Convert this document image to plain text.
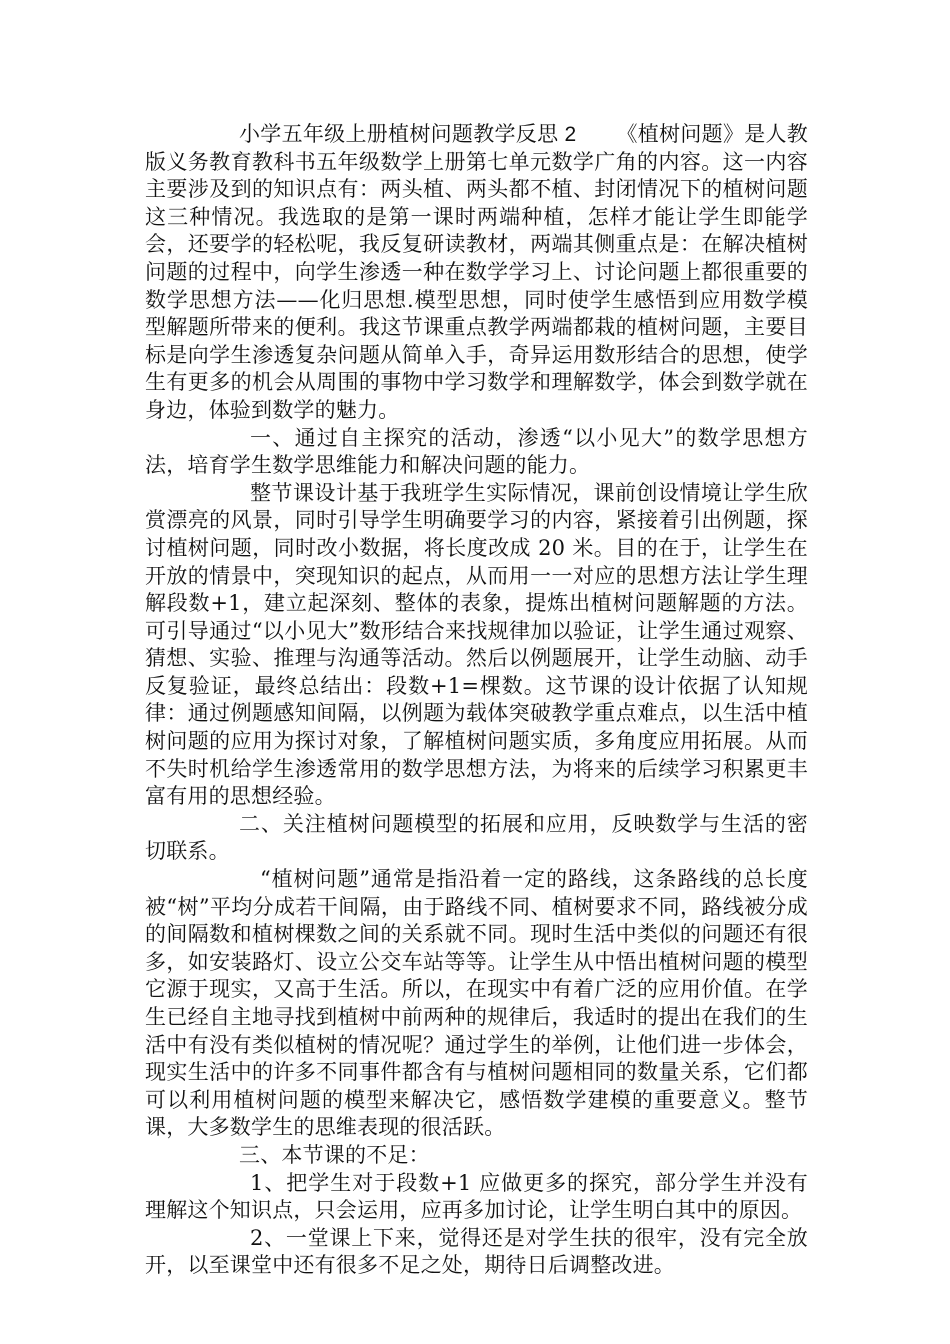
小学五年级上册植树问题教学反思 2 《植树问题》是人教版义务教育教科书五年级数学上册第七单元数学广角的内容。这一内容主要涉及到的知识点有：两头植、两头都不植、封闭情况下的植树问题这三种情况。我选取的是第一课时两端种植，怎样才能让学生即能学会，还要学的轻松呢，我反复研读教材，两端其侧重点是：在解决植树问题的过程中，向学生渗透一种在数学学习上、讨论问题上都很重要的数学思想方法——化归思想.模型思想，同时使学生感悟到应用数学模型解题所带来的便利。我这节课重点教学两端都栽的植树问题，主要目标是向学生渗透复杂问题从简单入手，奇异运用数形结合的思想，使学生有更多的机会从周围的事物中学习数学和理解数学，体会到数学就在身边，体验到数学的魅力。

一、通过自主探究的活动，渗透“以小见大”的数学思想方法，培育学生数学思维能力和解决问题的能力。

整节课设计基于我班学生实际情况，课前创设情境让学生欣赏漂亮的风景，同时引导学生明确要学习的内容，紧接着引出例题，探讨植树问题，同时改小数据，将长度改成 20 米。目的在于，让学生在开放的情景中，突现知识的起点，从而用一一对应的思想方法让学生理解段数+1，建立起深刻、整体的表象，提炼出植树问题解题的方法。可引导通过“以小见大”数形结合来找规律加以验证，让学生通过观察、猜想、实验、推理与沟通等活动。然后以例题展开，让学生动脑、动手反复验证，最终总结出：段数+1=棵数。这节课的设计依据了认知规律：通过例题感知间隔，以例题为载体突破教学重点难点，以生活中植树问题的应用为探讨对象，了解植树问题实质，多角度应用拓展。从而不失时机给学生渗透常用的数学思想方法，为将来的后续学习积累更丰富有用的思想经验。

二、关注植树问题模型的拓展和应用，反映数学与生活的密切联系。

“植树问题”通常是指沿着一定的路线，这条路线的总长度被“树”平均分成若干间隔，由于路线不同、植树要求不同，路线被分成的间隔数和植树棵数之间的关系就不同。现时生活中类似的问题还有很多，如安装路灯、设立公交车站等等。让学生从中悟出植树问题的模型它源于现实，又高于生活。所以，在现实中有着广泛的应用价值。在学生已经自主地寻找到植树中前两种的规律后，我适时的提出在我们的生活中有没有类似植树的情况呢？通过学生的举例，让他们进一步体会，现实生活中的许多不同事件都含有与植树问题相同的数量关系，它们都可以利用植树问题的模型来解决它，感悟数学建模的重要意义。整节课，大多数学生的思维表现的很活跃。

三、本节课的不足：

1、把学生对于段数+1 应做更多的探究，部分学生并没有理解这个知识点，只会运用，应再多加讨论，让学生明白其中的原因。

2、一堂课上下来，觉得还是对学生扶的很牢，没有完全放开，以至课堂中还有很多不足之处，期待日后调整改进。
